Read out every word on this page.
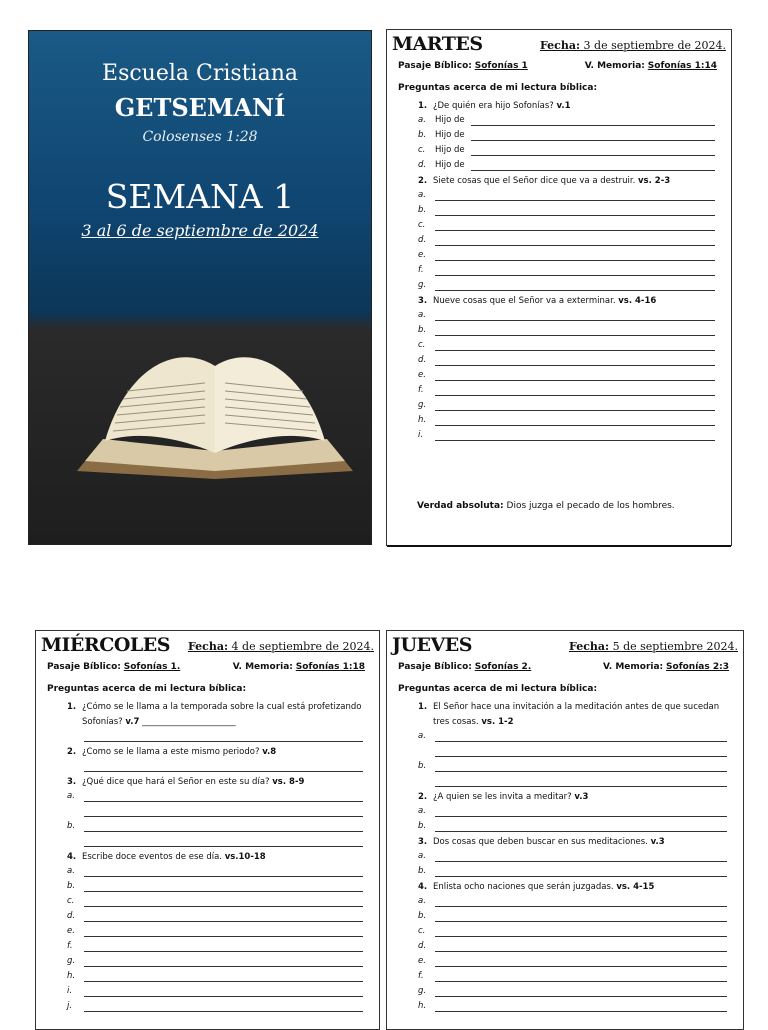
Escuela Cristiana
GETSEMANÍ
Colosenses 1:28
SEMANA 1
3 al 6 de septiembre de 2024
MARTES	Fecha: 3 de septiembre de 2024.
Pasaje Bíblico: Sofonías 1	V. Memoria: Sofonías 1:14
Preguntas acerca de mi lectura bíblica:
1. ¿De quién era hijo Sofonías? v.1
a. Hijo de
b. Hijo de
c. Hijo de
d. Hijo de
2. Siete cosas que el Señor dice que va a destruir. vs. 2-3
a.
b.
c.
d.
e.
f.
g.
3. Nueve cosas que el Señor va a exterminar. vs. 4-16
a.
b.
c.
d.
e.
f.
g.
h.
i.
Verdad absoluta: Dios juzga el pecado de los hombres.
MIÉRCOLES Fecha: 4 de septiembre de 2024.
Pasaje Bíblico: Sofonías 1.	V. Memoria: Sofonías 1:18
Preguntas acerca de mi lectura bíblica:
1. ¿Cómo se le llama a la temporada sobre la cual está profetizando Sofonías? v.7 ______________________
2. ¿Como se le llama a este mismo periodo? v.8
3. ¿Qué dice que hará el Señor en este su día? vs. 8-9
a.
b.
4. Escribe doce eventos de ese día. vs.10-18
a.
b.
c.
d.
e.
f.
g.
h.
i.
j.
JUEVES	Fecha: 5 de septiembre 2024.
Pasaje Bíblico: Sofonías 2.	V. Memoria: Sofonías 2:3
Preguntas acerca de mi lectura bíblica:
1. El Señor hace una invitación a la meditación antes de que sucedan tres cosas. vs. 1-2
a.
b.
2. ¿A quien se les invita a meditar? v.3
a.
b.
3. Dos cosas que deben buscar en sus meditaciones. v.3
a.
b.
4. Enlista ocho naciones que serán juzgadas. vs. 4-15
a.
b.
c.
d.
e.
f.
g.
h.
